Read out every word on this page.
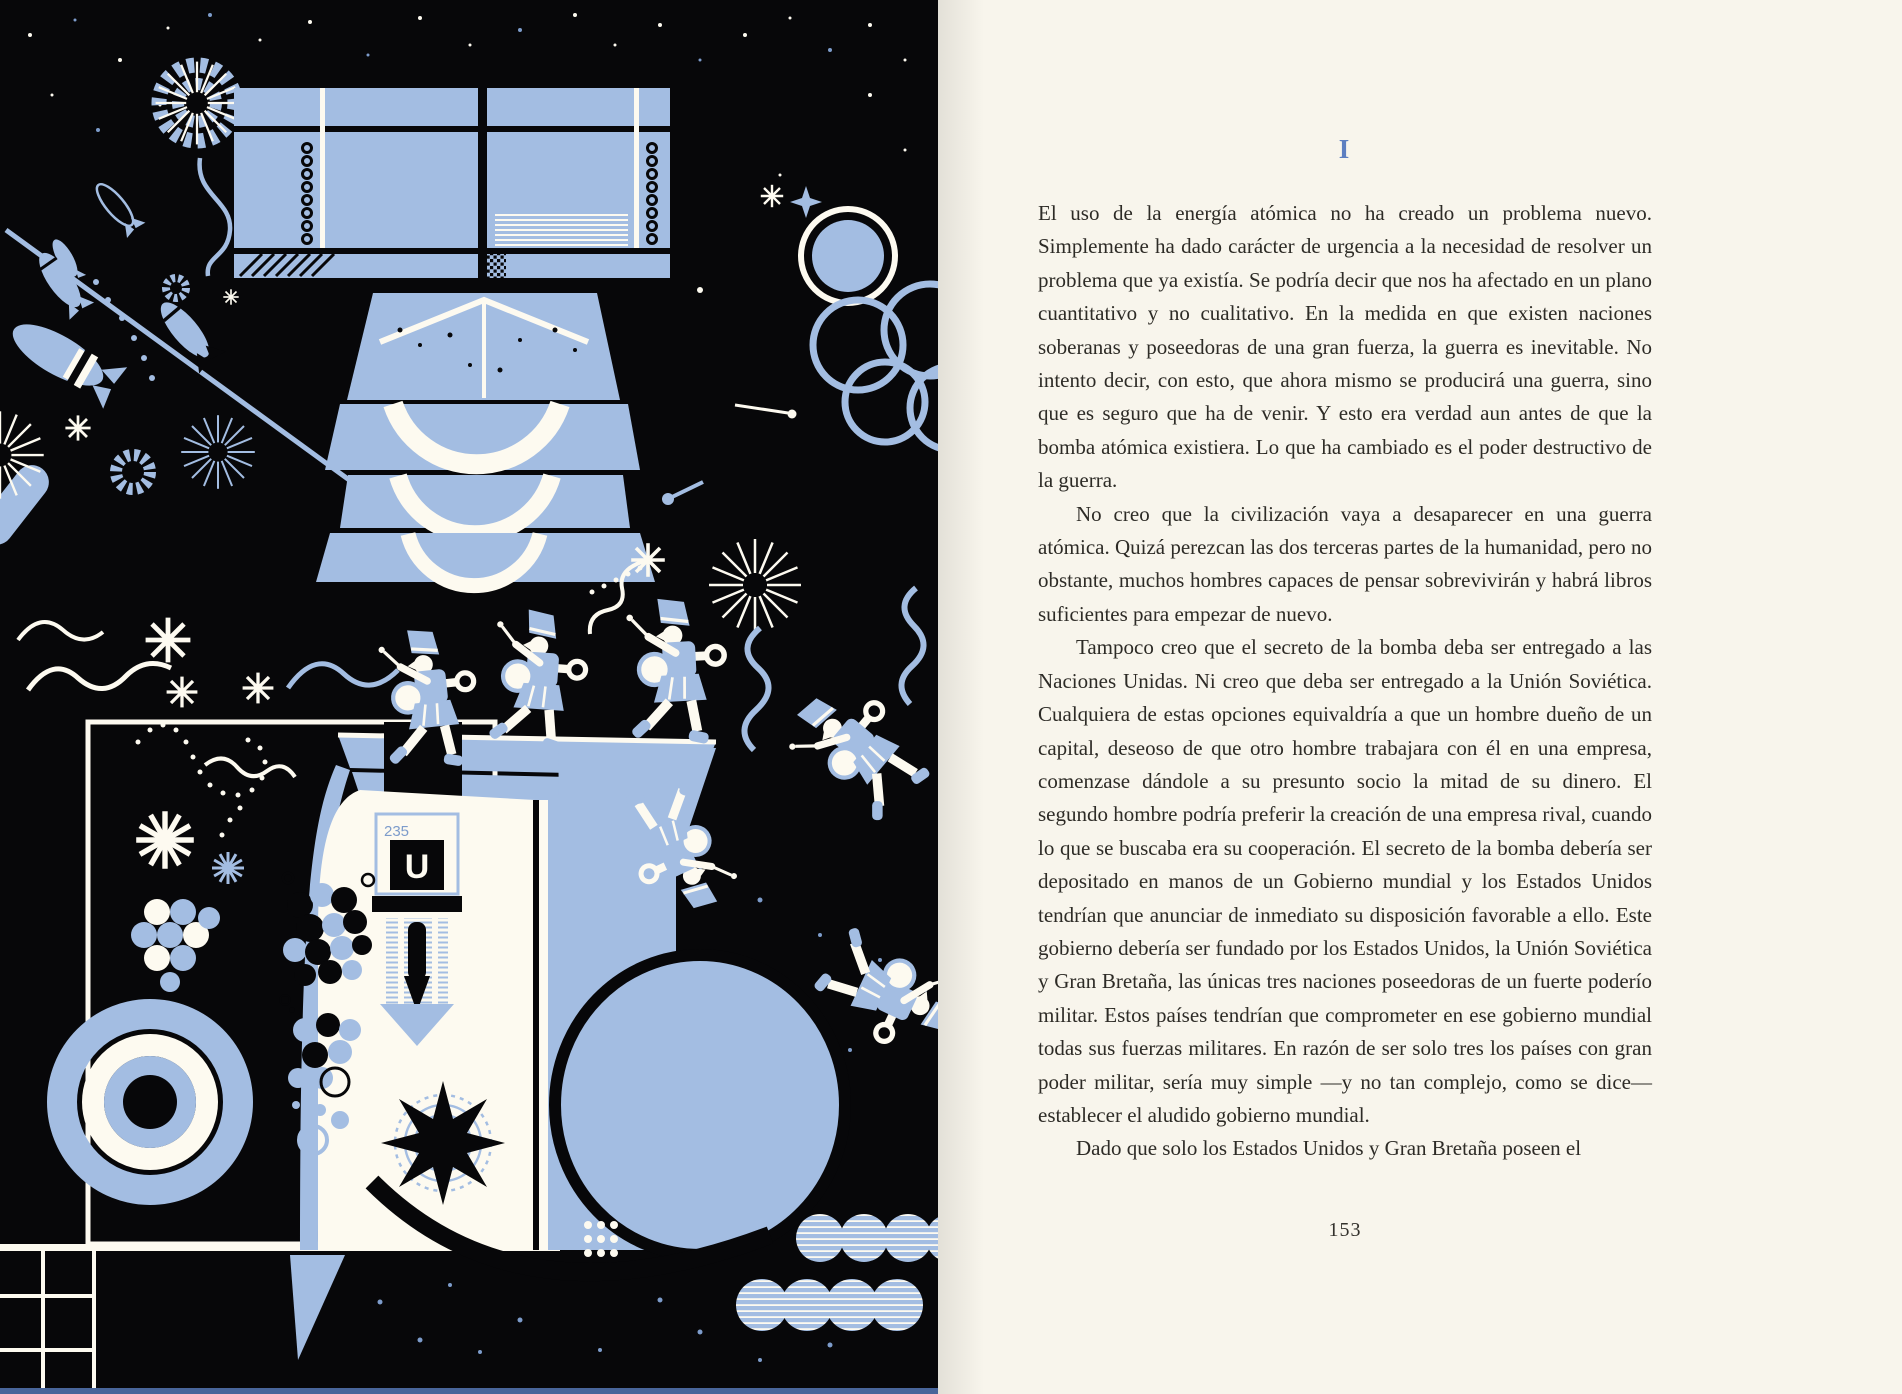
235
U
I

El uso de la energía atómica no ha creado un problema nuevo. Simplemente ha dado carácter de urgencia a la necesidad de resolver un problema que ya existía. Se podría decir que nos ha afectado en un plano cuantitativo y no cualitativo. En la medida en que existen naciones soberanas y poseedoras de una gran fuerza, la guerra es inevitable. No intento decir, con esto, que ahora mismo se producirá una guerra, sino que es seguro que ha de venir. Y esto era verdad aun antes de que la bomba atómica existiera. Lo que ha cambiado es el poder destructivo de la guerra.

No creo que la civilización vaya a desaparecer en una guerra atómica. Quizá perezcan las dos terceras partes de la humanidad, pero no obstante, muchos hombres capaces de pensar sobrevivirán y habrá libros suficientes para empezar de nuevo.

Tampoco creo que el secreto de la bomba deba ser entregado a las Naciones Unidas. Ni creo que deba ser entregado a la Unión Soviética. Cualquiera de estas opciones equivaldría a que un hombre dueño de un capital, deseoso de que otro hombre trabajara con él en una empresa, comenzase dándole a su presunto socio la mitad de su dinero. El segundo hombre podría preferir la creación de una empresa rival, cuando lo que se buscaba era su cooperación. El secreto de la bomba debería ser depositado en manos de un Gobierno mundial y los Estados Unidos tendrían que anunciar de inmediato su disposición favorable a ello. Este gobierno debería ser fundado por los Estados Unidos, la Unión Soviética y Gran Bretaña, las únicas tres naciones poseedoras de un fuerte poderío militar. Estos países tendrían que comprometer en ese gobierno mundial todas sus fuerzas militares. En razón de ser solo tres los países con gran poder militar, sería muy simple —y no tan complejo, como se dice— establecer el aludido gobierno mundial.

Dado que solo los Estados Unidos y Gran Bretaña poseen el

153
